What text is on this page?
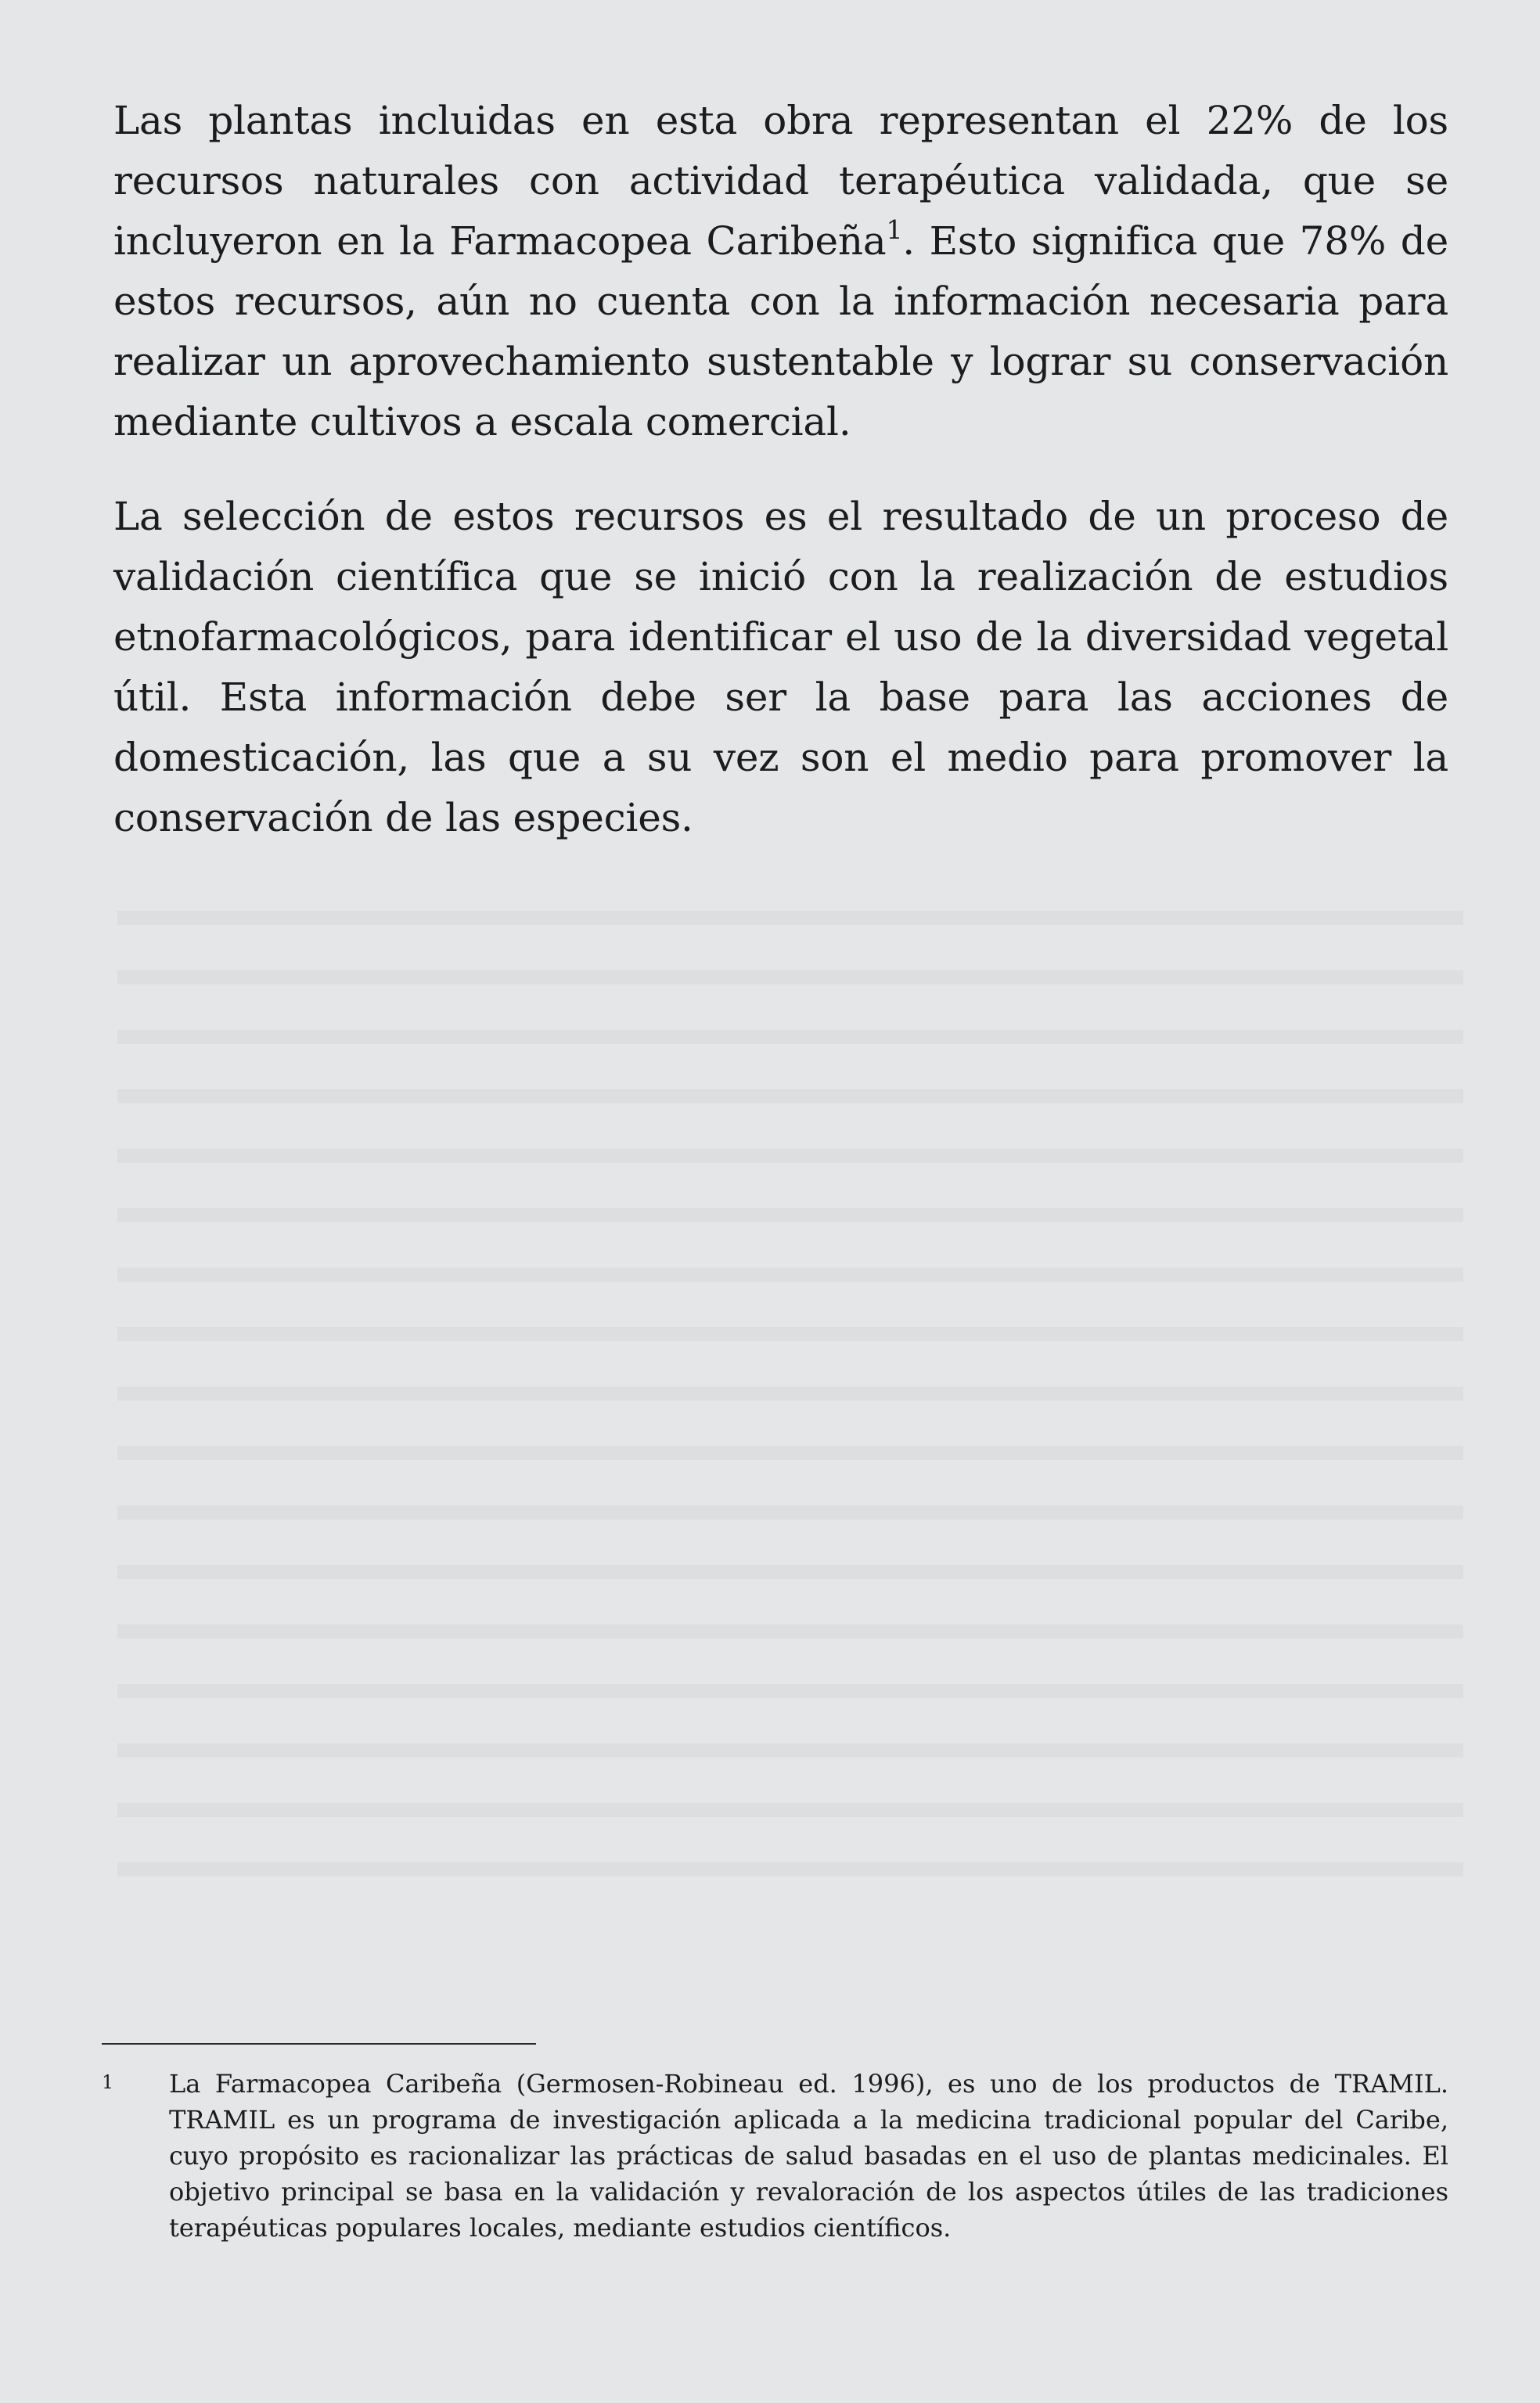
Las plantas incluidas en esta obra representan el 22% de los recursos naturales con actividad terapéutica validada, que se incluyeron en la Farmacopea Caribeña$^1$. Esto significa que 78% de estos recursos, aún no cuenta con la información necesaria para realizar un aprovechamiento sustentable y lograr su conservación mediante cultivos a escala comercial.

La selección de estos recursos es el resultado de un proceso de validación científica que se inició con la realización de estudios etnofarmacológicos, para identificar el uso de la diversidad vegetal útil. Esta información debe ser la base para las acciones de domesticación, las que a su vez son el medio para promover la conservación de las especies.

1 La Farmacopea Caribeña (Germosen-Robineau ed. 1996), es uno de los productos de TRAMIL. TRAMIL es un programa de investigación aplicada a la medicina tradicional popular del Caribe, cuyo propósito es racionalizar las prácticas de salud basadas en el uso de plantas medicinales. El objetivo principal se basa en la validación y revaloración de los aspectos útiles de las tradiciones terapéuticas populares locales, mediante estudios científicos.
